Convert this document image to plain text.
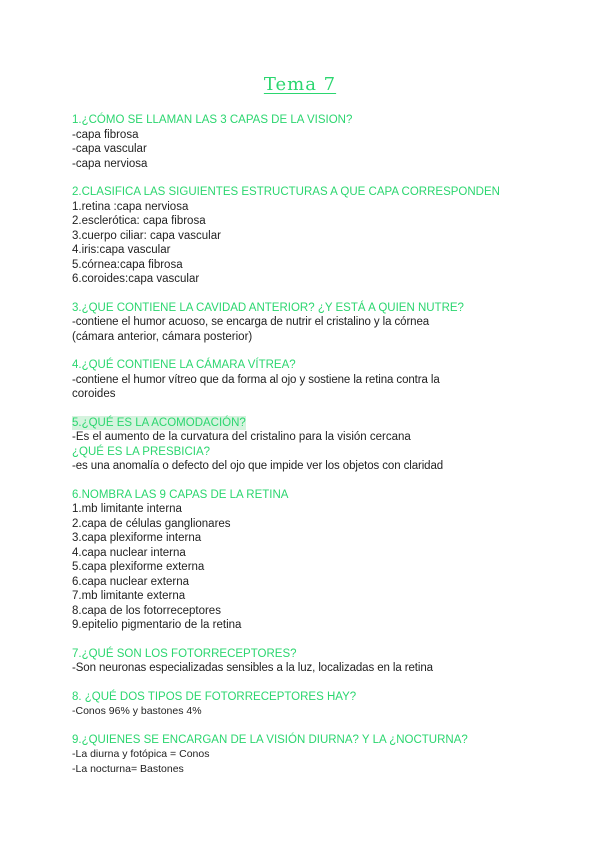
Tema 7
1.¿CÓMO SE LLAMAN LAS 3 CAPAS DE LA VISION?
-capa fibrosa
-capa vascular
-capa nerviosa
2.CLASIFICA LAS SIGUIENTES ESTRUCTURAS A QUE CAPA CORRESPONDEN
1.retina :capa nerviosa
2.esclerótica: capa fibrosa
3.cuerpo ciliar: capa vascular
4.iris:capa vascular
5.córnea:capa fibrosa
6.coroides:capa vascular
3.¿QUE CONTIENE LA CAVIDAD ANTERIOR? ¿Y ESTÁ A QUIEN NUTRE?
-contiene el humor acuoso, se encarga de nutrir el cristalino y la córnea
(cámara anterior, cámara posterior)
4.¿QUÉ CONTIENE LA CÁMARA VÍTREA?
-contiene el humor vítreo que da forma al ojo y sostiene la retina contra la
coroides
5.¿QUÉ ES LA ACOMODACIÓN?
-Es el aumento de la curvatura del cristalino para la visión cercana
¿QUÉ ES LA PRESBICIA?
-es una anomalía o defecto del ojo que impide ver los objetos con claridad
6.NOMBRA LAS 9 CAPAS DE LA RETINA
1.mb limitante interna
2.capa de células ganglionares
3.capa plexiforme interna
4.capa nuclear interna
5.capa plexiforme externa
6.capa nuclear externa
7.mb limitante externa
8.capa de los fotorreceptores
9.epitelio pigmentario de la retina
7.¿QUÉ SON LOS FOTORRECEPTORES?
-Son neuronas especializadas sensibles a la luz, localizadas en la retina
8. ¿QUÉ DOS TIPOS DE FOTORRECEPTORES HAY?
-Conos 96% y bastones 4%
9.¿QUIENES SE ENCARGAN DE LA VISIÓN DIURNA? Y LA ¿NOCTURNA?
-La diurna y fotópica = Conos
-La nocturna= Bastones
